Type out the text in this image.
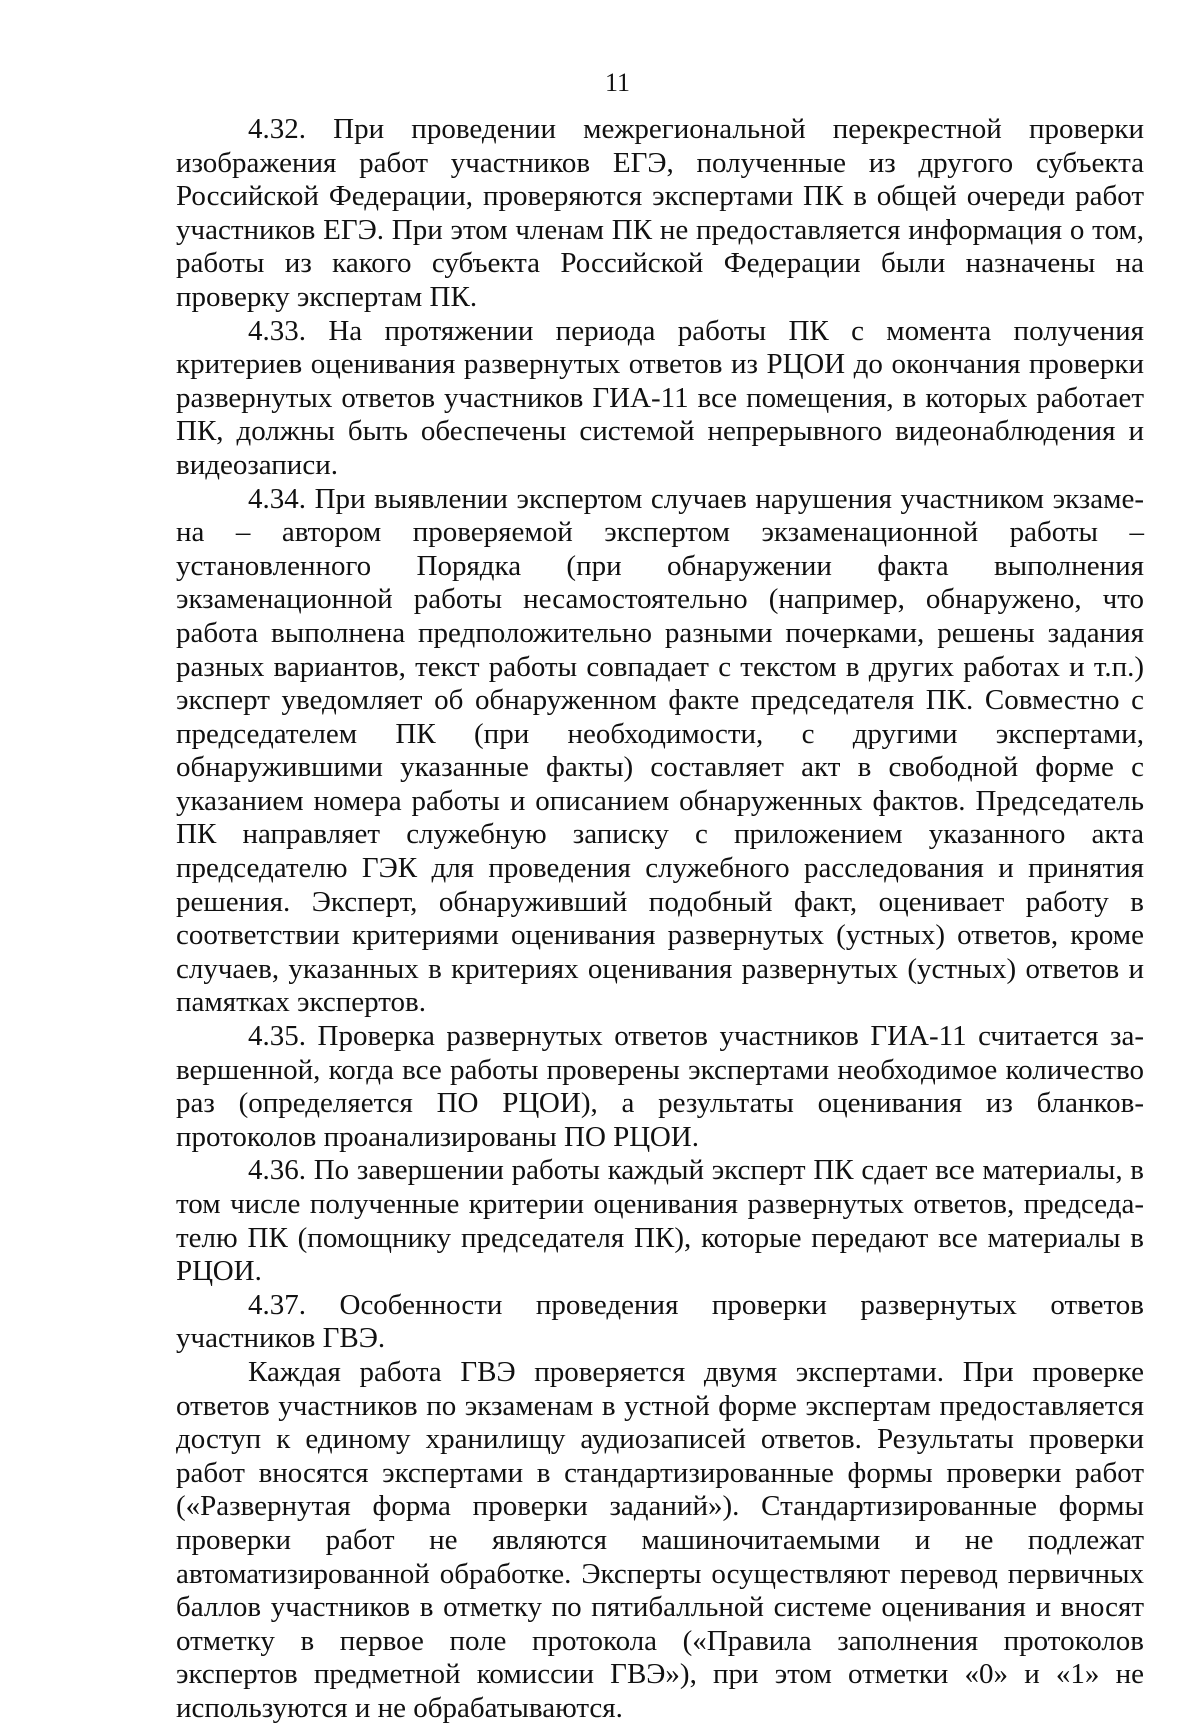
11

4.32. При проведении межрегиональной перекрестной проверки изображения работ участников ЕГЭ, полученные из другого субъекта Российской Федерации, проверяются экспертами ПК в общей очереди работ участников ЕГЭ. При этом членам ПК не предоставляется информация о том, работы из какого субъекта Российской Федерации были назначены на проверку экспертам ПК.

4.33. На протяжении периода работы ПК с момента получения критериев оценивания развернутых ответов из РЦОИ до окончания проверки развернутых ответов участников ГИА-11 все помещения, в которых работает ПК, должны быть обеспечены системой непрерывного видеонаблюдения и видеозаписи.

4.34. При выявлении экспертом случаев нарушения участником экзамена – автором проверяемой экспертом экзаменационной работы – установленного Порядка (при обнаружении факта выполнения экзаменационной работы несамостоятельно (например, обнаружено, что работа выполнена предположительно разными почерками, решены задания разных вариантов, текст работы совпадает с текстом в других работах и т.п.) эксперт уведомляет об обнаруженном факте председателя ПК. Совместно с председателем ПК (при необходимости, с другими экспертами, обнаружившими указанные факты) составляет акт в свободной форме с указанием номера работы и описанием обнаруженных фактов. Председатель ПК направляет служебную записку с приложением указанного акта председателю ГЭК для проведения служебного расследования и принятия решения. Эксперт, обнаруживший подобный факт, оценивает работу в соответствии критериями оценивания развернутых (устных) ответов, кроме случаев, указанных в критериях оценивания развернутых (устных) ответов и памятках экспертов.

4.35. Проверка развернутых ответов участников ГИА-11 считается завершенной, когда все работы проверены экспертами необходимое количество раз (определяется ПО РЦОИ), а результаты оценивания из бланков-протоколов проанализированы ПО РЦОИ.

4.36. По завершении работы каждый эксперт ПК сдает все материалы, в том числе полученные критерии оценивания развернутых ответов, председателю ПК (помощнику председателя ПК), которые передают все материалы в РЦОИ.

4.37. Особенности проведения проверки развернутых ответов участников ГВЭ.

Каждая работа ГВЭ проверяется двумя экспертами. При проверке ответов участников по экзаменам в устной форме экспертам предоставляется доступ к единому хранилищу аудиозаписей ответов. Результаты проверки работ вносятся экспертами в стандартизированные формы проверки работ («Развернутая форма проверки заданий»). Стандартизированные формы проверки работ не являются машиночитаемыми и не подлежат автоматизированной обработке. Эксперты осуществляют перевод первичных баллов участников в отметку по пятибалльной системе оценивания и вносят отметку в первое поле протокола («Правила заполнения протоколов экспертов предметной комиссии ГВЭ»), при этом отметки «0» и «1» не используются и не обрабатываются.
